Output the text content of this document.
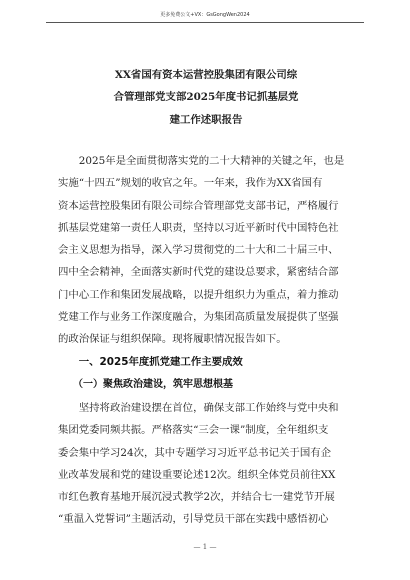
更多免费公文+VX：GsGongWen2024
XX省国有资本运营控股集团有限公司综
合管理部党支部2025年度书记抓基层党
建工作述职报告
　　2025年是全面贯彻落实党的二十大精神的关键之年，也是
实施“十四五”规划的收官之年。一年来，我作为XX省国有
资本运营控股集团有限公司综合管理部党支部书记，严格履行
抓基层党建第一责任人职责，坚持以习近平新时代中国特色社
会主义思想为指导，深入学习贯彻党的二十大和二十届三中、
四中全会精神，全面落实新时代党的建设总要求，紧密结合部
门中心工作和集团发展战略，以提升组织力为重点，着力推动
党建工作与业务工作深度融合，为集团高质量发展提供了坚强
的政治保证与组织保障。现将履职情况报告如下。
　　一、2025年度抓党建工作主要成效
　　（一）聚焦政治建设，筑牢思想根基
　　坚持将政治建设摆在首位，确保支部工作始终与党中央和
集团党委同频共振。严格落实“三会一课”制度，全年组织支
委会集中学习24次，其中专题学习习近平总书记关于国有企
业改革发展和党的建设重要论述12次。组织全体党员前往XX
市红色教育基地开展沉浸式教学2次，并结合七一建党节开展
“重温入党誓词”主题活动，引导党员干部在实践中感悟初心
— 1 —
